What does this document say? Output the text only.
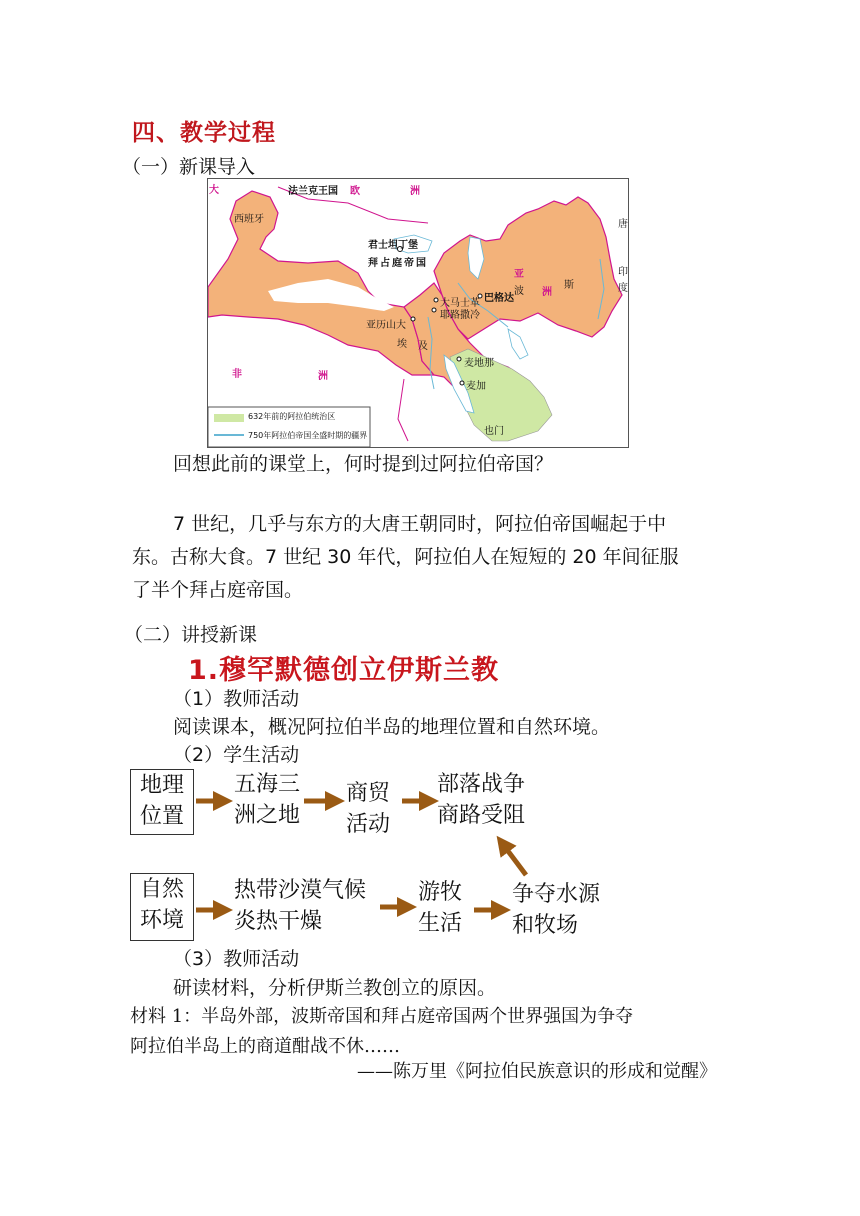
四、教学过程
（一）新课导入
大	法兰克王国 欧	洲
西班牙
君士坦丁堡
拜占庭帝国
唐
印
度
巴格达
大马士革
耶路撒冷
波
斯
亚
洲
亚历山大
埃 及
麦地那
麦加
非	洲
也门
632年前的阿拉伯统治区
750年阿拉伯帝国全盛时期的疆界
回想此前的课堂上，何时提到过阿拉伯帝国？
7 世纪，几乎与东方的大唐王朝同时，阿拉伯帝国崛起于中
东。古称大食。7 世纪 30 年代，阿拉伯人在短短的 20 年间征服
了半个拜占庭帝国。
（二）讲授新课
1.穆罕默德创立伊斯兰教
（1）教师活动
阅读课本，概况阿拉伯半岛的地理位置和自然环境。
（2）学生活动
地理
位置
五海三
洲之地
商贸
活动
部落战争
商路受阻
自然
环境
热带沙漠气候
炎热干燥
游牧
生活
争夺水源
和牧场
（3）教师活动
研读材料，分析伊斯兰教创立的原因。
材料 1：半岛外部，波斯帝国和拜占庭帝国两个世界强国为争夺
阿拉伯半岛上的商道酣战不休……
——陈万里《阿拉伯民族意识的形成和觉醒》
